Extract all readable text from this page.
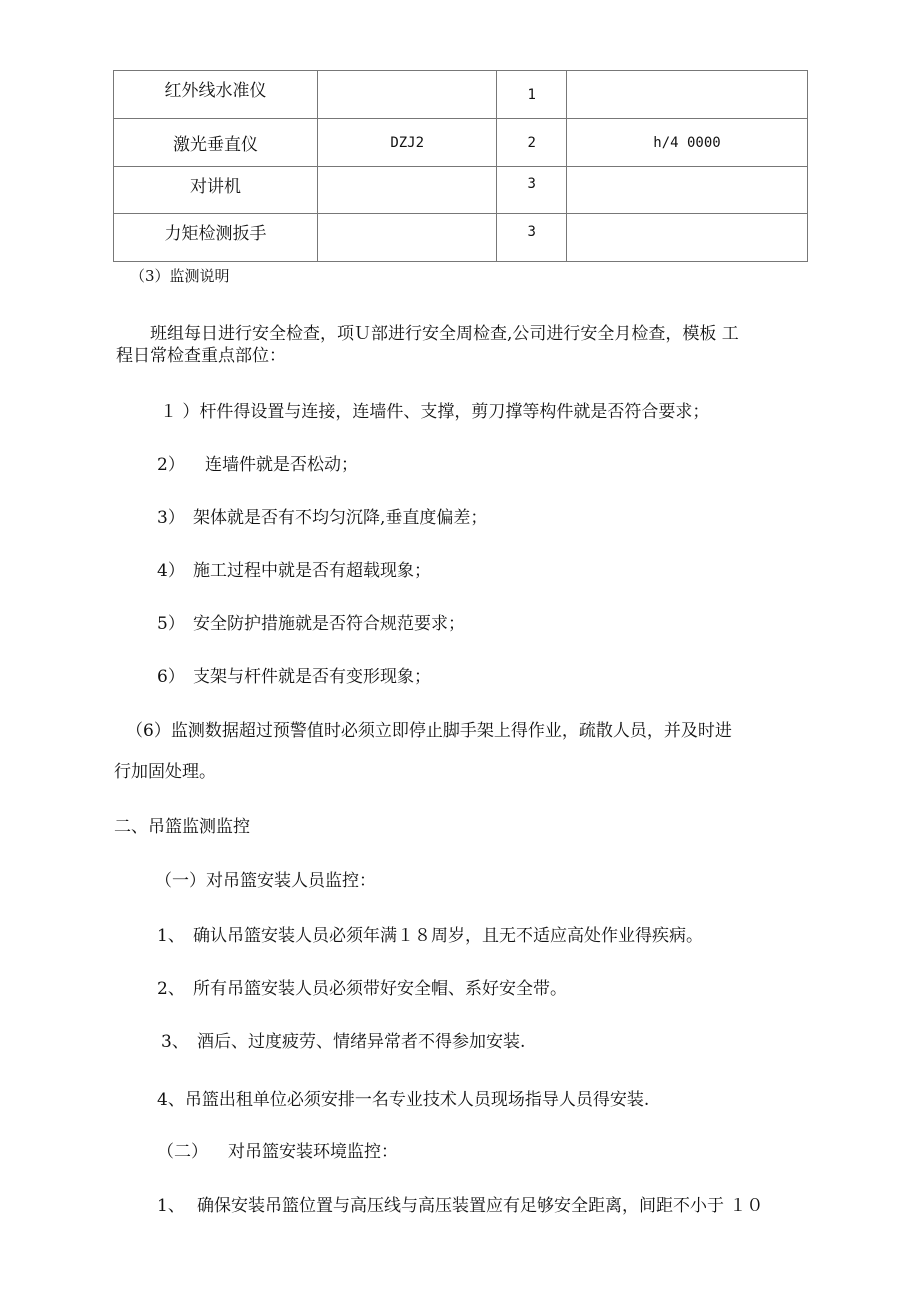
红外线水准仪		1	
激光垂直仪	DZJ2	2	h/4 0000
对讲机		3	
力矩检测扳手		3	
（3）监测说明
班组每日进行安全检查，项Ｕ部进行安全周检查,公司进行安全月检查，模板 工
程日常检查重点部位：
１ ）杆件得设置与连接，连墙件、支撑，剪刀撑等构件就是否符合要求；
2） 连墙件就是否松动；
3） 架体就是否有不均匀沉降,垂直度偏差；
4） 施工过程中就是否有超载现象；
5） 安全防护措施就是否符合规范要求；
6） 支架与杆件就是否有变形现象；
（6）监测数据超过预警值时必须立即停止脚手架上得作业，疏散人员，并及时进
行加固处理。
二、吊篮监测监控
（一）对吊篮安装人员监控：
1、 确认吊篮安装人员必须年满１８周岁，且无不适应高处作业得疾病。
2、 所有吊篮安装人员必须带好安全帽、系好安全带。
3、 酒后、过度疲劳、情绪异常者不得参加安装.
4、吊篮出租单位必须安排一名专业技术人员现场指导人员得安装.
（二） 对吊篮安装环境监控：
1、 确保安装吊篮位置与高压线与高压装置应有足够安全距离，间距不小于 １０
